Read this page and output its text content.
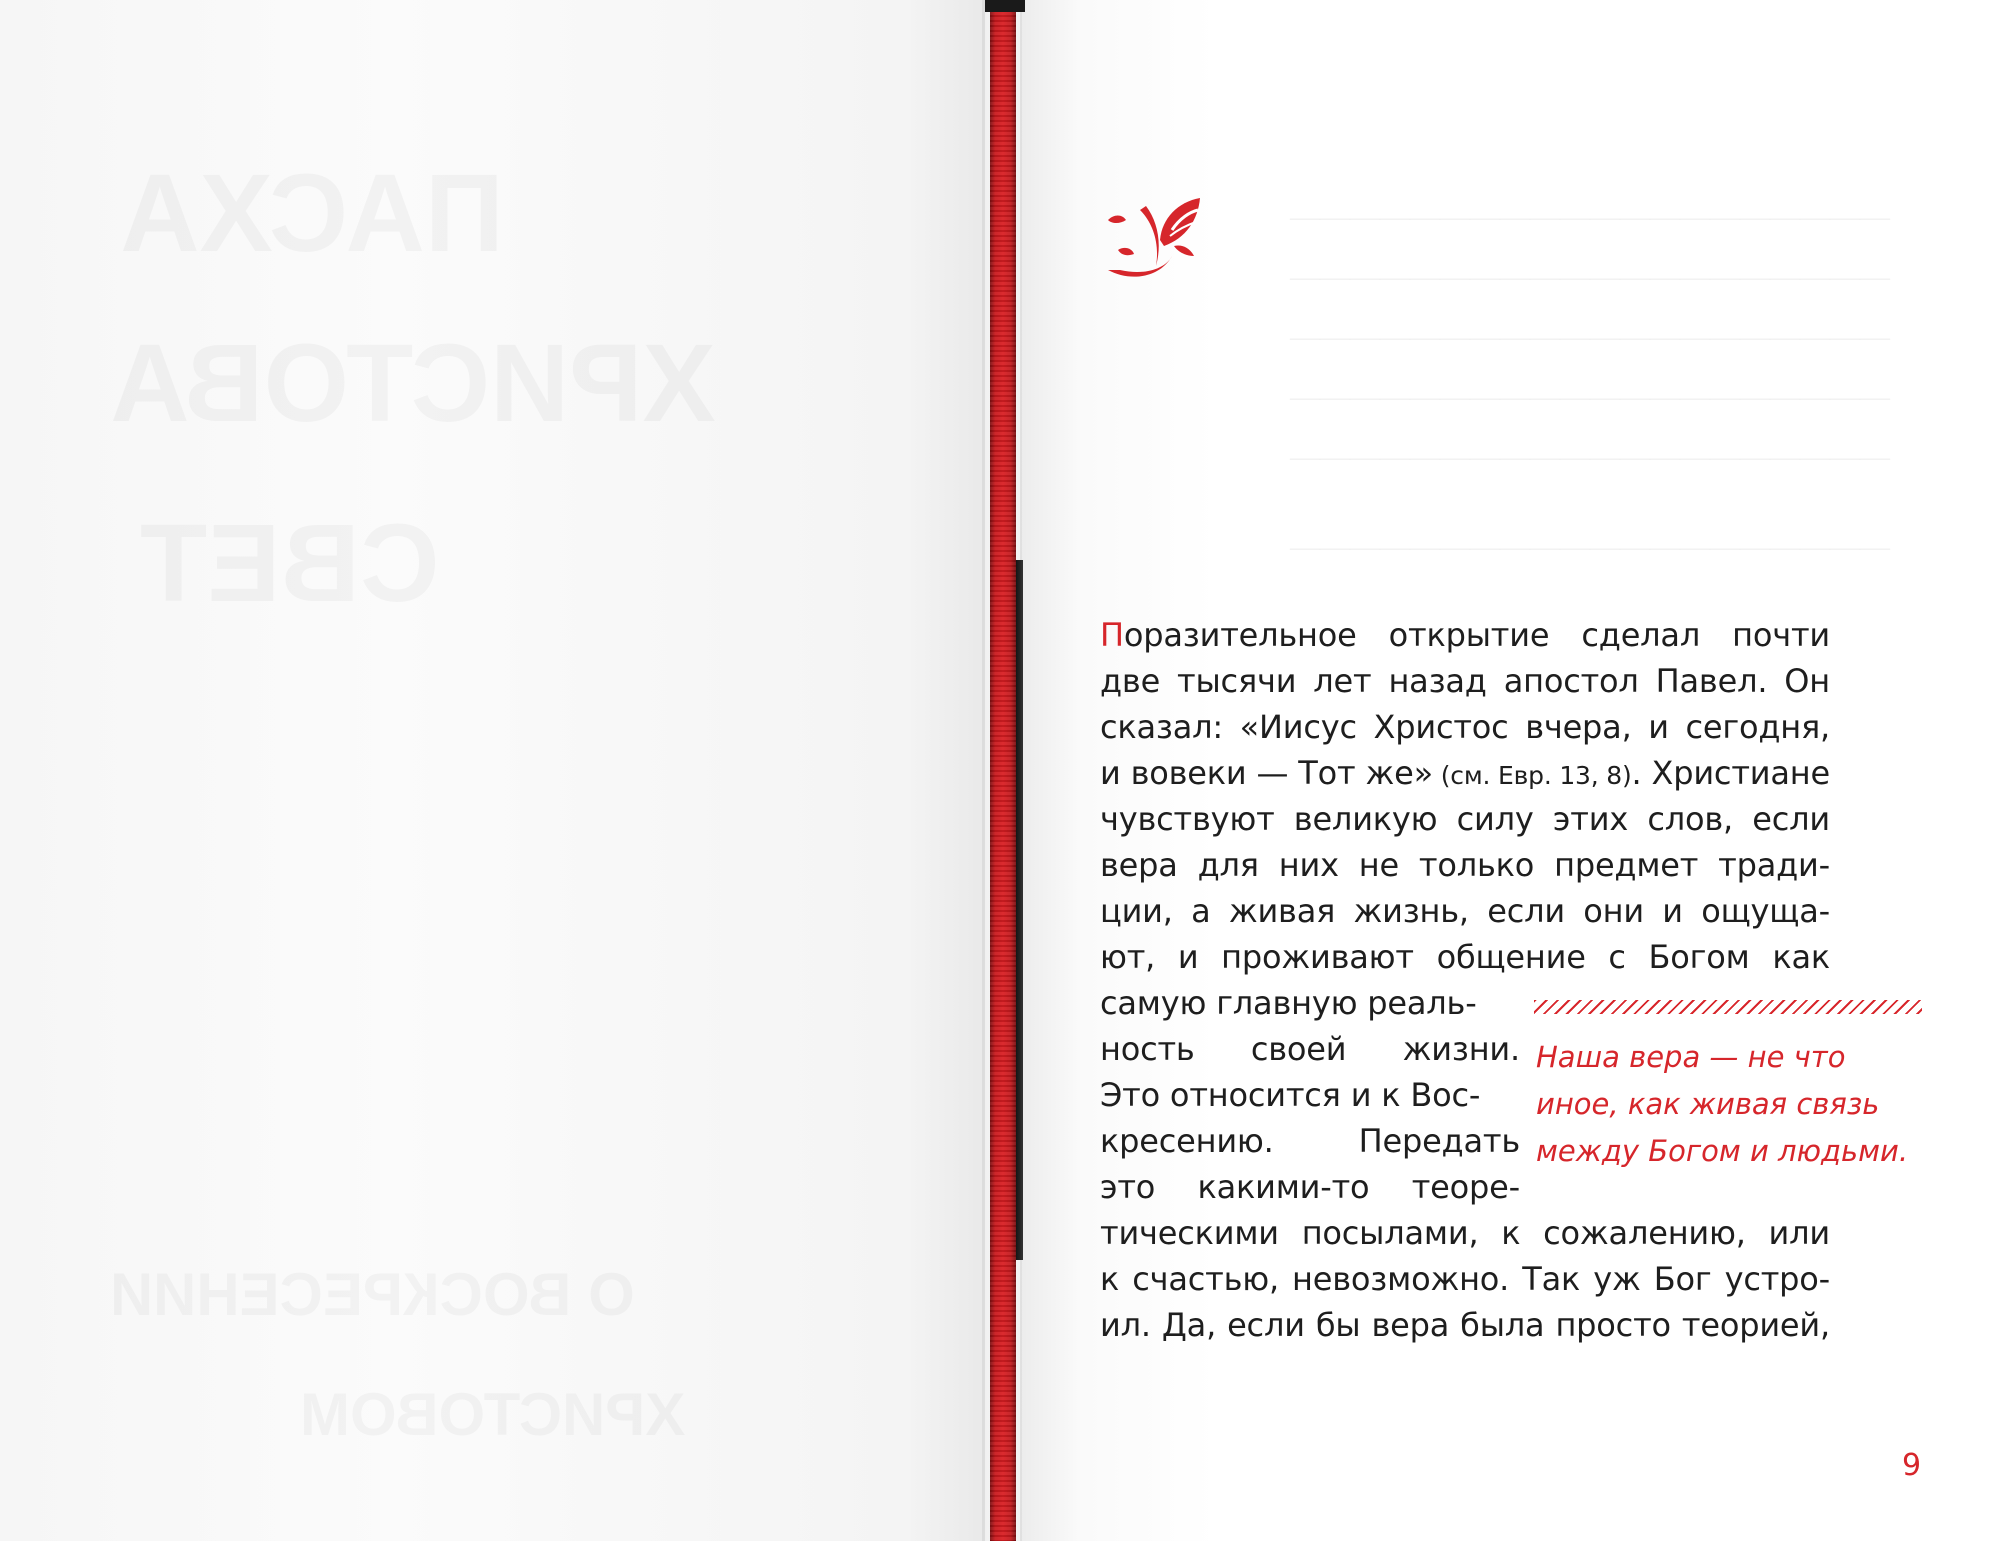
————————————————————
————————————————————
————————————————————
————————————————————
————————————————————
————————————————————
Поразительное открытие сделал почти
две тысячи лет назад апостол Павел. Он
сказал: «Иисус Христос вчера, и сегодня,
и вовеки — Тот же» (см. Евр. 13, 8). Христиане
чувствуют великую силу этих слов, если
вера для них не только предмет тради-
ции, а живая жизнь, если они и ощуща-
ют, и проживают общение с Богом как
самую главную реаль-
ность своей жизни.
Это относится и к Вос-
кресению. Передать
это какими-то теоре-
тическими посылами, к сожалению, или
к счастью, невозможно. Так уж Бог устро-
ил. Да, если бы вера была просто теорией,
Наша вера — не что
иное, как живая связь
между Богом и людьми.
9
